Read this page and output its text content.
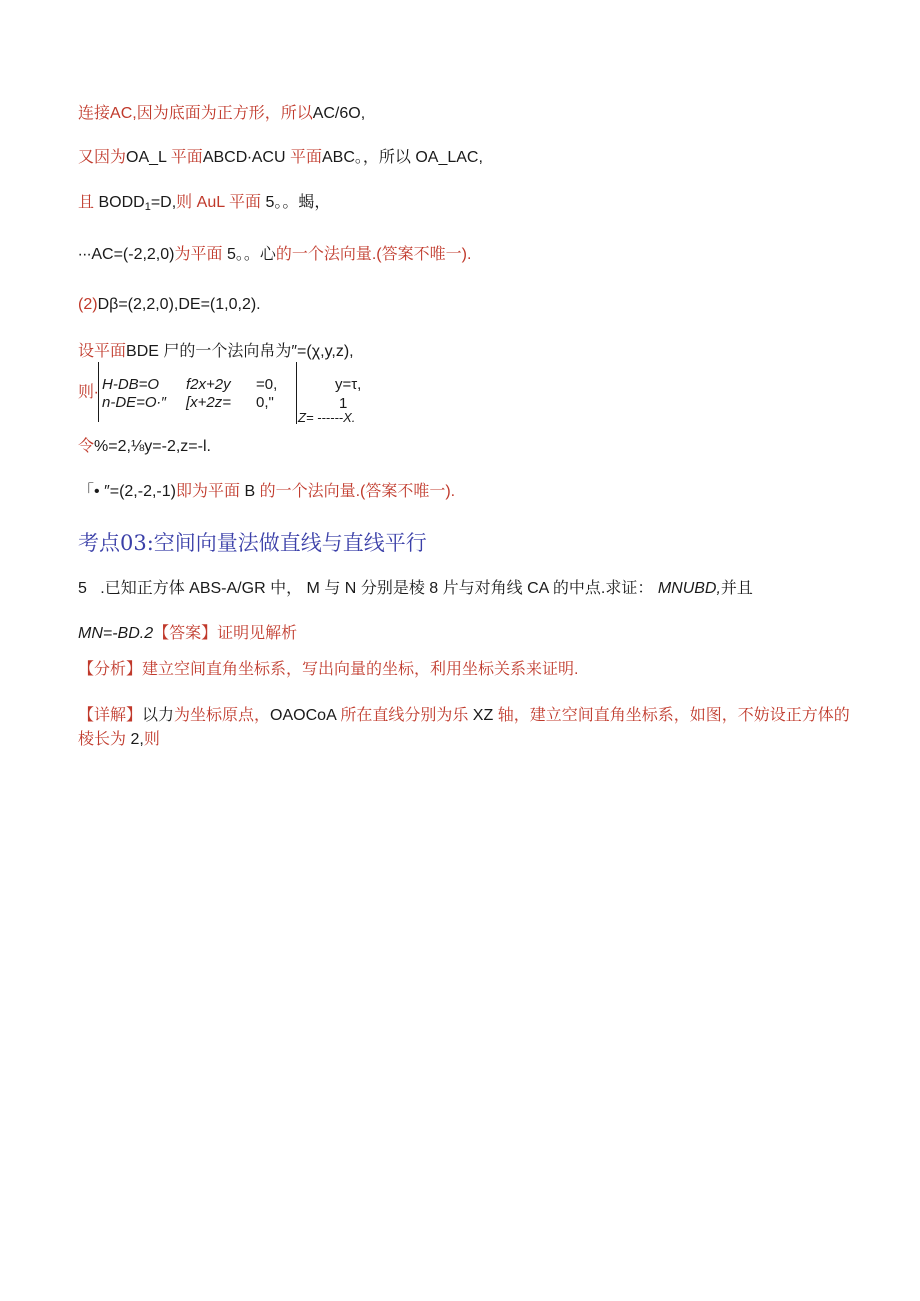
连接AC,因为底面为正方形，所以AC/6O,
又因为OA_L 平面ABCD∙ACU 平面ABC。，所以 OA_LAC,
且 $BODD_1=D$,则 AuL 平面 5。。蝎，
∙∙∙AC=(-2,2,0)为平面 5。。心的一个法向量.(答案不唯一).
(2)Dβ=(2,2,0),DE=(1,0,2).
设平面BDE 尸的一个法向帛为″=(χ,y,z),
则∙ H-DB=O f2x+2y =0,
n-DE=O∙″ [x+2z= 0,"
y=τ,
1
Z= ------X.
令%=2,⅛y=-2,z=-l.
「• ″=(2,-2,-1)即为平面 B 的一个法向量.(答案不唯一).
考点03:空间向量法做直线与直线平行
5 .已知正方体 ABS-A/GR 中， M 与 N 分别是棱 8 片与对角线 CA 的中点.求证： MNUBD,并且
MN=-BD.2【答案】证明见解析
【分析】建立空间直角坐标系，写出向量的坐标，利用坐标关系来证明.
【详解】以力为坐标原点，OAOCoA 所在直线分别为乐 XZ 轴，建立空间直角坐标系，如图，不妨设正方体的
棱长为 2,则
